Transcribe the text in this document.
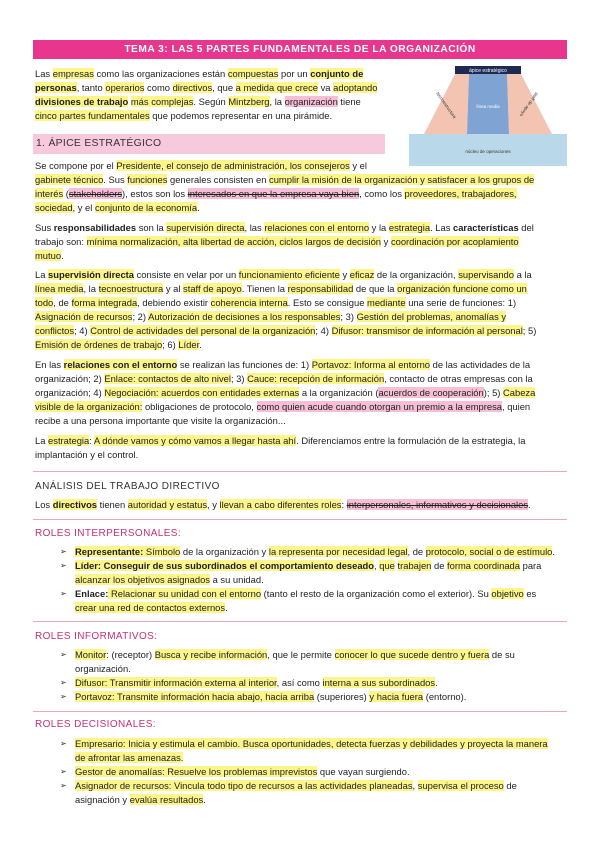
TEMA 3: LAS 5 PARTES FUNDAMENTALES DE LA ORGANIZACIÓN
Las empresas como las organizaciones están compuestas por un conjunto de personas, tanto operarios como directivos, que a medida que crece va adoptando
divisiones de trabajo más complejas. Según Mintzberg, la organización tiene
cinco partes fundamentales que podemos representar en una pirámide.
ápice estratégico
línea media
tecnoestructura	staff de apoyo
núcleo de operaciones
1. ÁPICE ESTRATÉGICO
Se compone por el Presidente, el consejo de administración, los consejeros y el
gabinete técnico. Sus funciones generales consisten en cumplir la misión de la organización y satisfacer a los grupos de
interés (stakeholders), estos son los interesados en que la empresa vaya bien, como los proveedores, trabajadores,
sociedad, y el conjunto de la economía.
Sus responsabilidades son la supervisión directa, las relaciones con el entorno y la estrategia. Las características del
trabajo son: mínima normalización, alta libertad de acción, ciclos largos de decisión y coordinación por acoplamiento
mutuo.
La supervisión directa consiste en velar por un funcionamiento eficiente y eficaz de la organización, supervisando a la
línea media, la tecnoestructura y al staff de apoyo. Tienen la responsabilidad de que la organización funcione como un
todo, de forma integrada, debiendo existir coherencia interna. Esto se consigue mediante una serie de funciones: 1)
Asignación de recursos; 2) Autorización de decisiones a los responsables; 3) Gestión del problemas, anomalías y
conflictos; 4) Control de actividades del personal de la organización; 4) Difusor: transmisor de información al personal; 5)
Emisión de órdenes de trabajo; 6) Líder.
En las relaciones con el entorno se realizan las funciones de: 1) Portavoz: Informa al entorno de las actividades de la
organización; 2) Enlace: contactos de alto nivel; 3) Cauce: recepción de información, contacto de otras empresas con la
organización; 4) Negociación: acuerdos con entidades externas a la organización (acuerdos de cooperación); 5) Cabeza
visible de la organización: obligaciones de protocolo, como quien acude cuando otorgan un premio a la empresa, quien
recibe a una persona importante que visite la organización...
La estrategia: A dónde vamos y cómo vamos a llegar hasta ahí. Diferenciamos entre la formulación de la estrategia, la
implantación y el control.
ANÁLISIS DEL TRABAJO DIRECTIVO
Los directivos tienen autoridad y estatus, y llevan a cabo diferentes roles: interpersonales, informativos y decisionales.
ROLES INTERPERSONALES:
➢ Representante: Símbolo de la organización y la representa por necesidad legal, de protocolo, social o de estímulo.
➢ Líder: Conseguir de sus subordinados el comportamiento deseado, que trabajen de forma coordinada para
alcanzar los objetivos asignados a su unidad.
➢ Enlace: Relacionar su unidad con el entorno (tanto el resto de la organización como el exterior). Su objetivo es
crear una red de contactos externos.
ROLES INFORMATIVOS:
➢ Monitor: (receptor) Busca y recibe información, que le permite conocer lo que sucede dentro y fuera de su
organización.
➢ Difusor: Transmitir información externa al interior, así como interna a sus subordinados.
➢ Portavoz: Transmite información hacia abajo, hacia arriba (superiores) y hacia fuera (entorno).
ROLES DECISIONALES:
➢ Empresario: Inicia y estimula el cambio. Busca oportunidades, detecta fuerzas y debilidades y proyecta la manera
de afrontar las amenazas.
➢ Gestor de anomalías: Resuelve los problemas imprevistos que vayan surgiendo.
➢ Asignador de recursos: Vincula todo tipo de recursos a las actividades planeadas, supervisa el proceso de
asignación y evalúa resultados.
